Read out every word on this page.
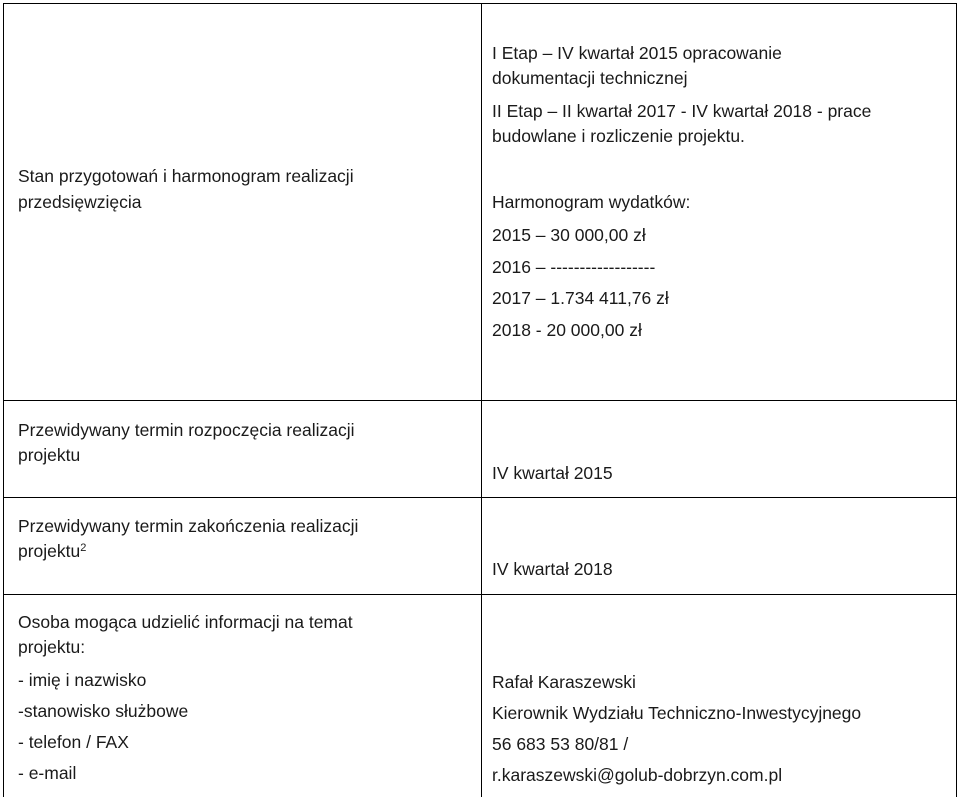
Stan przygotowań i harmonogram realizacji
przedsięwzięcia
I Etap – IV kwartał 2015 opracowanie
dokumentacji technicznej
II Etap – II kwartał 2017 - IV kwartał 2018 - prace
budowlane i rozliczenie projektu.
Harmonogram wydatków:
2015 – 30 000,00 zł
2016 – ------------------
2017 – 1.734 411,76 zł
2018 - 20 000,00 zł
Przewidywany termin rozpoczęcia realizacji
projektu
IV kwartał 2015
Przewidywany termin zakończenia realizacji
projektu$^2$
IV kwartał 2018
Osoba mogąca udzielić informacji na temat
projektu:
- imię i nazwisko
-stanowisko służbowe
- telefon / FAX
- e-mail
Rafał Karaszewski
Kierownik Wydziału Techniczno-Inwestycyjnego
56 683 53 80/81 /
r.karaszewski@golub-dobrzyn.com.pl
